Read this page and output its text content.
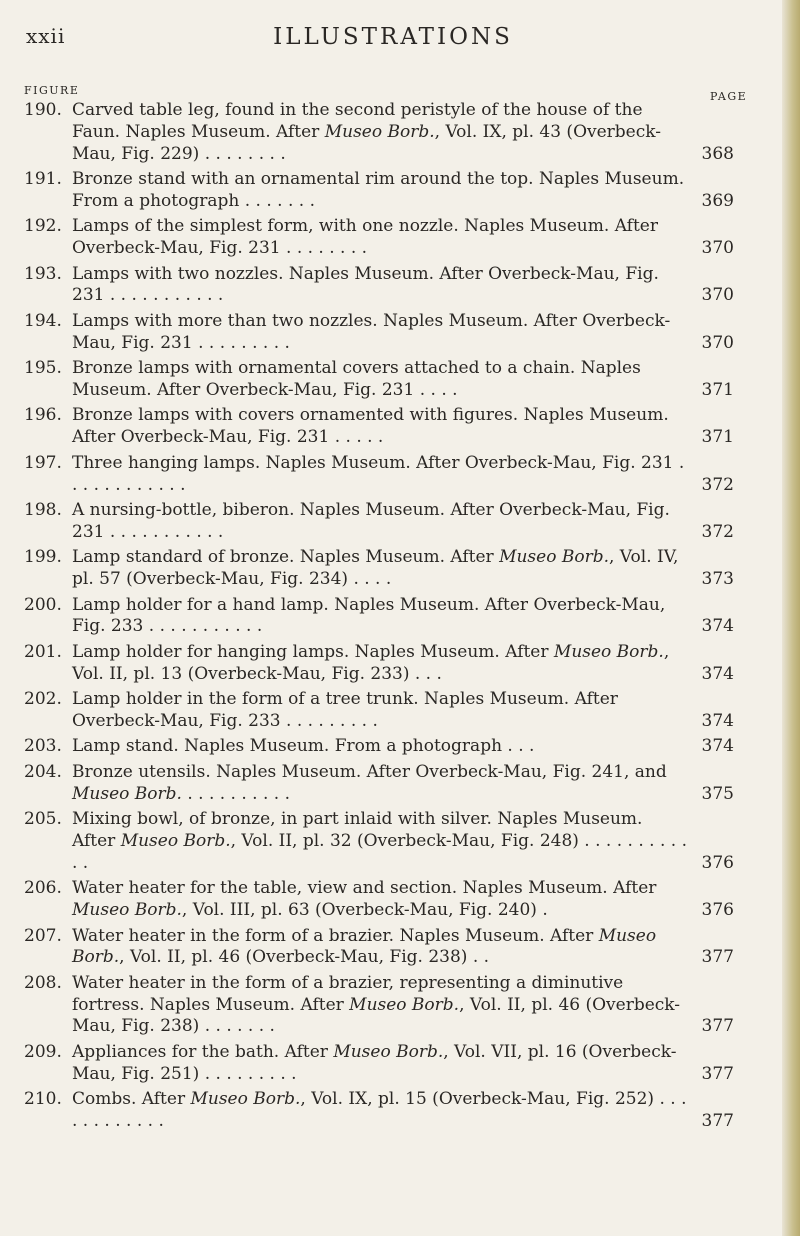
xxii	ILLUSTRATIONS
FIGURE	PAGE
190. Carved table leg, found in the second peristyle of the house of the Faun. Naples Museum. After Museo Borb., Vol. IX, pl. 43 (Overbeck-Mau, Fig. 229) . . . . . . . .	368
191. Bronze stand with an ornamental rim around the top. Naples Museum. From a photograph . . . . . . .	369
192. Lamps of the simplest form, with one nozzle. Naples Museum. After Overbeck-Mau, Fig. 231 . . . . . . . .	370
193. Lamps with two nozzles. Naples Museum. After Overbeck-Mau, Fig. 231 . . . . . . . . . . .	370
194. Lamps with more than two nozzles. Naples Museum. After Overbeck-Mau, Fig. 231 . . . . . . . . .	370
195. Bronze lamps with ornamental covers attached to a chain. Naples Museum. After Overbeck-Mau, Fig. 231 . . . .	371
196. Bronze lamps with covers ornamented with figures. Naples Museum. After Overbeck-Mau, Fig. 231 . . . . .	371
197. Three hanging lamps. Naples Museum. After Overbeck-Mau, Fig. 231 . . . . . . . . . . . .	372
198. A nursing-bottle, biberon. Naples Museum. After Overbeck-Mau, Fig. 231 . . . . . . . . . . .	372
199. Lamp standard of bronze. Naples Museum. After Museo Borb., Vol. IV, pl. 57 (Overbeck-Mau, Fig. 234) . . . .	373
200. Lamp holder for a hand lamp. Naples Museum. After Overbeck-Mau, Fig. 233 . . . . . . . . . . .	374
201. Lamp holder for hanging lamps. Naples Museum. After Museo Borb., Vol. II, pl. 13 (Overbeck-Mau, Fig. 233) . . .	374
202. Lamp holder in the form of a tree trunk. Naples Museum. After Overbeck-Mau, Fig. 233 . . . . . . . . .	374
203. Lamp stand. Naples Museum. From a photograph . . .	374
204. Bronze utensils. Naples Museum. After Overbeck-Mau, Fig. 241, and Museo Borb. . . . . . . . . . .	375
205. Mixing bowl, of bronze, in part inlaid with silver. Naples Museum. After Museo Borb., Vol. II, pl. 32 (Overbeck-Mau, Fig. 248) . . . . . . . . . . . .	376
206. Water heater for the table, view and section. Naples Museum. After Museo Borb., Vol. III, pl. 63 (Overbeck-Mau, Fig. 240) .	376
207. Water heater in the form of a brazier. Naples Museum. After Museo Borb., Vol. II, pl. 46 (Overbeck-Mau, Fig. 238) . .	377
208. Water heater in the form of a brazier, representing a diminutive fortress. Naples Museum. After Museo Borb., Vol. II, pl. 46 (Overbeck-Mau, Fig. 238) . . . . . . .	377
209. Appliances for the bath. After Museo Borb., Vol. VII, pl. 16 (Overbeck-Mau, Fig. 251) . . . . . . . . .	377
210. Combs. After Museo Borb., Vol. IX, pl. 15 (Overbeck-Mau, Fig. 252) . . . . . . . . . . . .	377
